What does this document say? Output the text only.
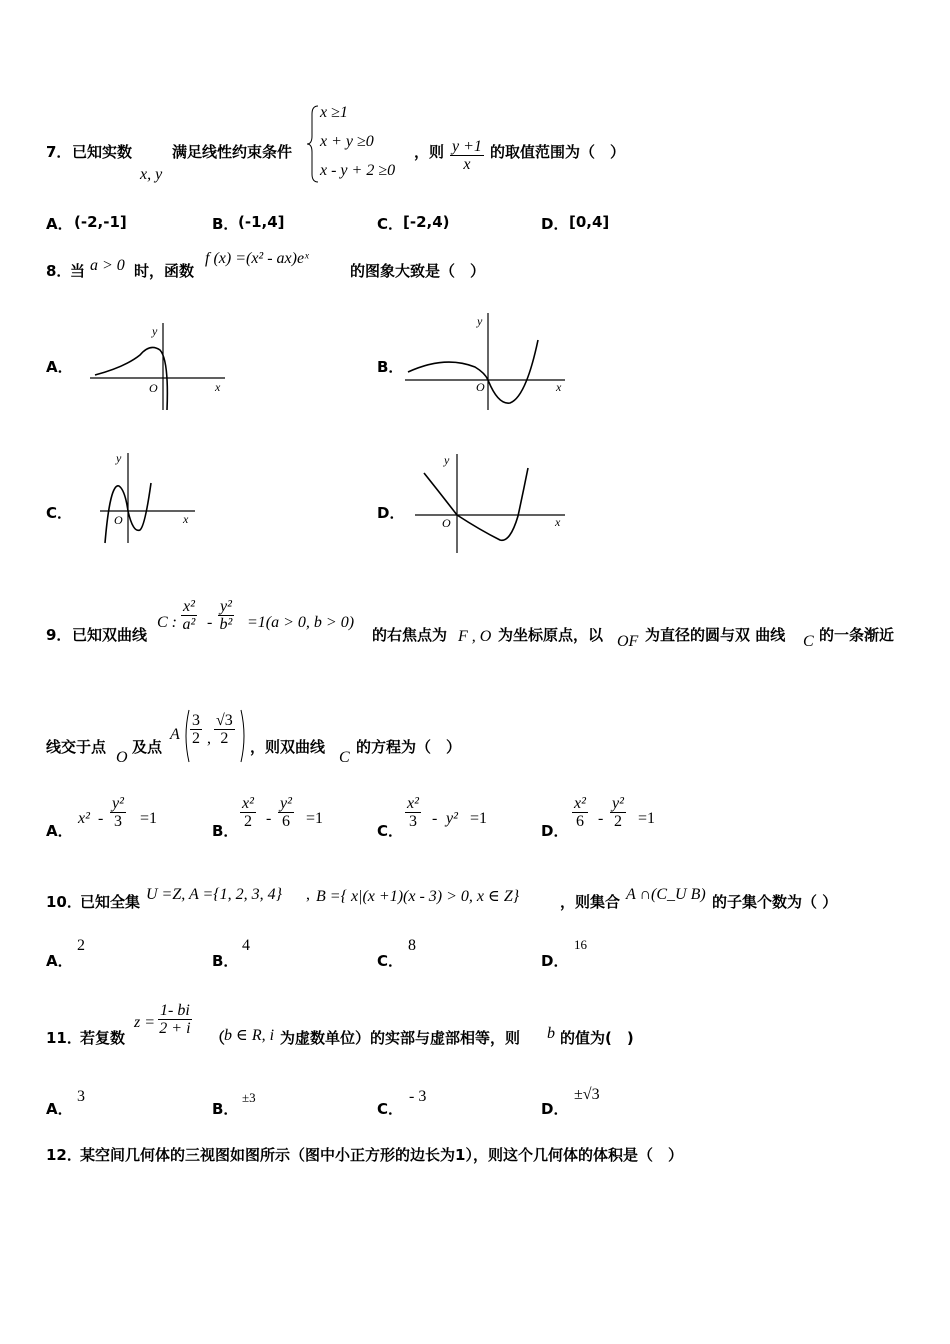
7． 已知实数
x, y
满足线性约束条件
x ≥1
x + y ≥0
x - y + 2 ≥0
，则 $\frac{y +1}{x}$ 的取值范围为（　）
A． (-2,-1]	B． (-1,4]	C． [-2,4)	D． [0,4]
8．
当 a > 0 时，函数
f (x) =(x² - ax)eˣ
的图象大致是（　）
A．
y
x
O
B．
y
x
O
C．
y
x
O	D．
y
x
O
9． 已知双曲线
C : $\frac{\text{x²}}{\text{a²}} - \frac{\text{y²}}{\text{b²}} =1(a > 0$, b > 0)
的右焦点为 F , O 为坐标原点，以 OF 为直径的圆与双 曲线 C 的一条渐近
线交于点
O
及点
A $\frac{3}{2}$ , $\frac{√3}{2}$ ，则双曲线
C
的方程为（　）
A．
$x^2 - \frac{\text{y²}}{3} =1$
B．
$\frac{\text{x²}}{2} - \frac{\text{y²}}{6} =1$
C．
$\frac{\text{x²}}{3} - y^2 =1$
D．
$\frac{\text{x²}}{6} - \frac{\text{y²}}{2} =1$
10．
已知全集 U =Z, A ={1, 2, 3, 4} , B ={ x|(x +1)(x - 3) > 0, x ∈ Z}	，则集合 A ∩(C_U B) 的子集个数为（ ）
A．
2
B．
4
C．
8
D．
16
11．
若复数
$z = \frac{1- bi}{2 + i}$
（
b ∈ R, i 为虚数单位）的实部与虚部相等，则 b 的值为(　)
A．
3
B．
±3
C．
- 3
D．
±√3
12．
某空间几何体的三视图如图所示（图中小正方形的边长为1），则这个几何体的体积是（　）
